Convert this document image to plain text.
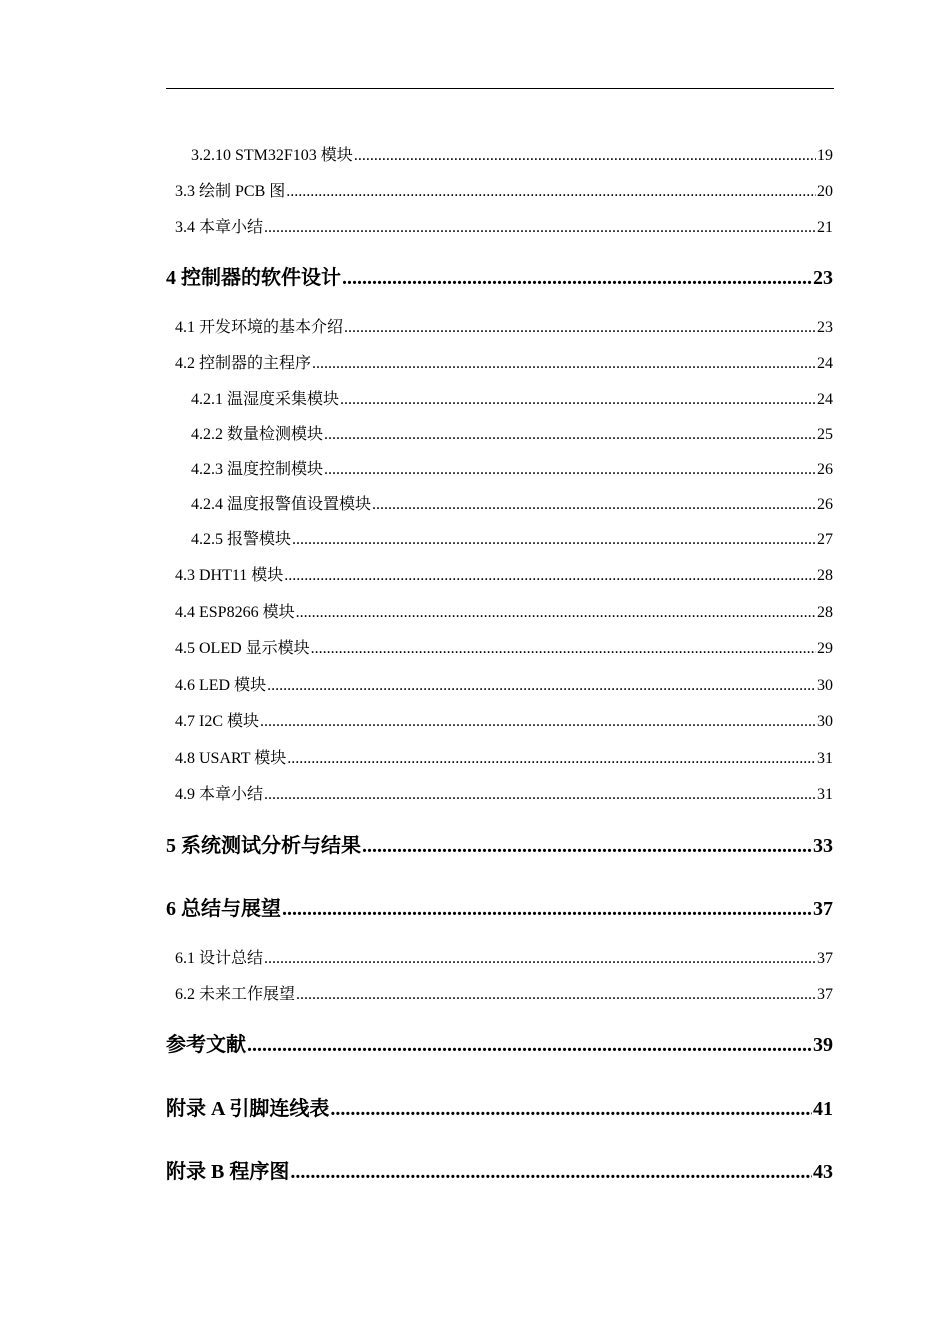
3.2.10 STM32F103 模块 .....	19
3.3 绘制 PCB 图 .....	20
3.4 本章小结 .....	21
4 控制器的软件设计 .....	23
4.1 开发环境的基本介绍 .....	23
4.2 控制器的主程序 .....	24
4.2.1 温湿度采集模块 .....	24
4.2.2 数量检测模块 .....	25
4.2.3 温度控制模块 .....	26
4.2.4 温度报警值设置模块 .....	26
4.2.5 报警模块 .....	27
4.3 DHT11 模块 .....	28
4.4 ESP8266 模块 .....	28
4.5 OLED 显示模块 .....	29
4.6 LED 模块 .....	30
4.7 I2C 模块 .....	30
4.8 USART 模块 .....	31
4.9 本章小结 .....	31
5 系统测试分析与结果 .....	33
6 总结与展望 .....	37
6.1 设计总结 .....	37
6.2 未来工作展望 .....	37
参考文献 .....	39
附录 A 引脚连线表 .....	41
附录 B 程序图 .....	43
